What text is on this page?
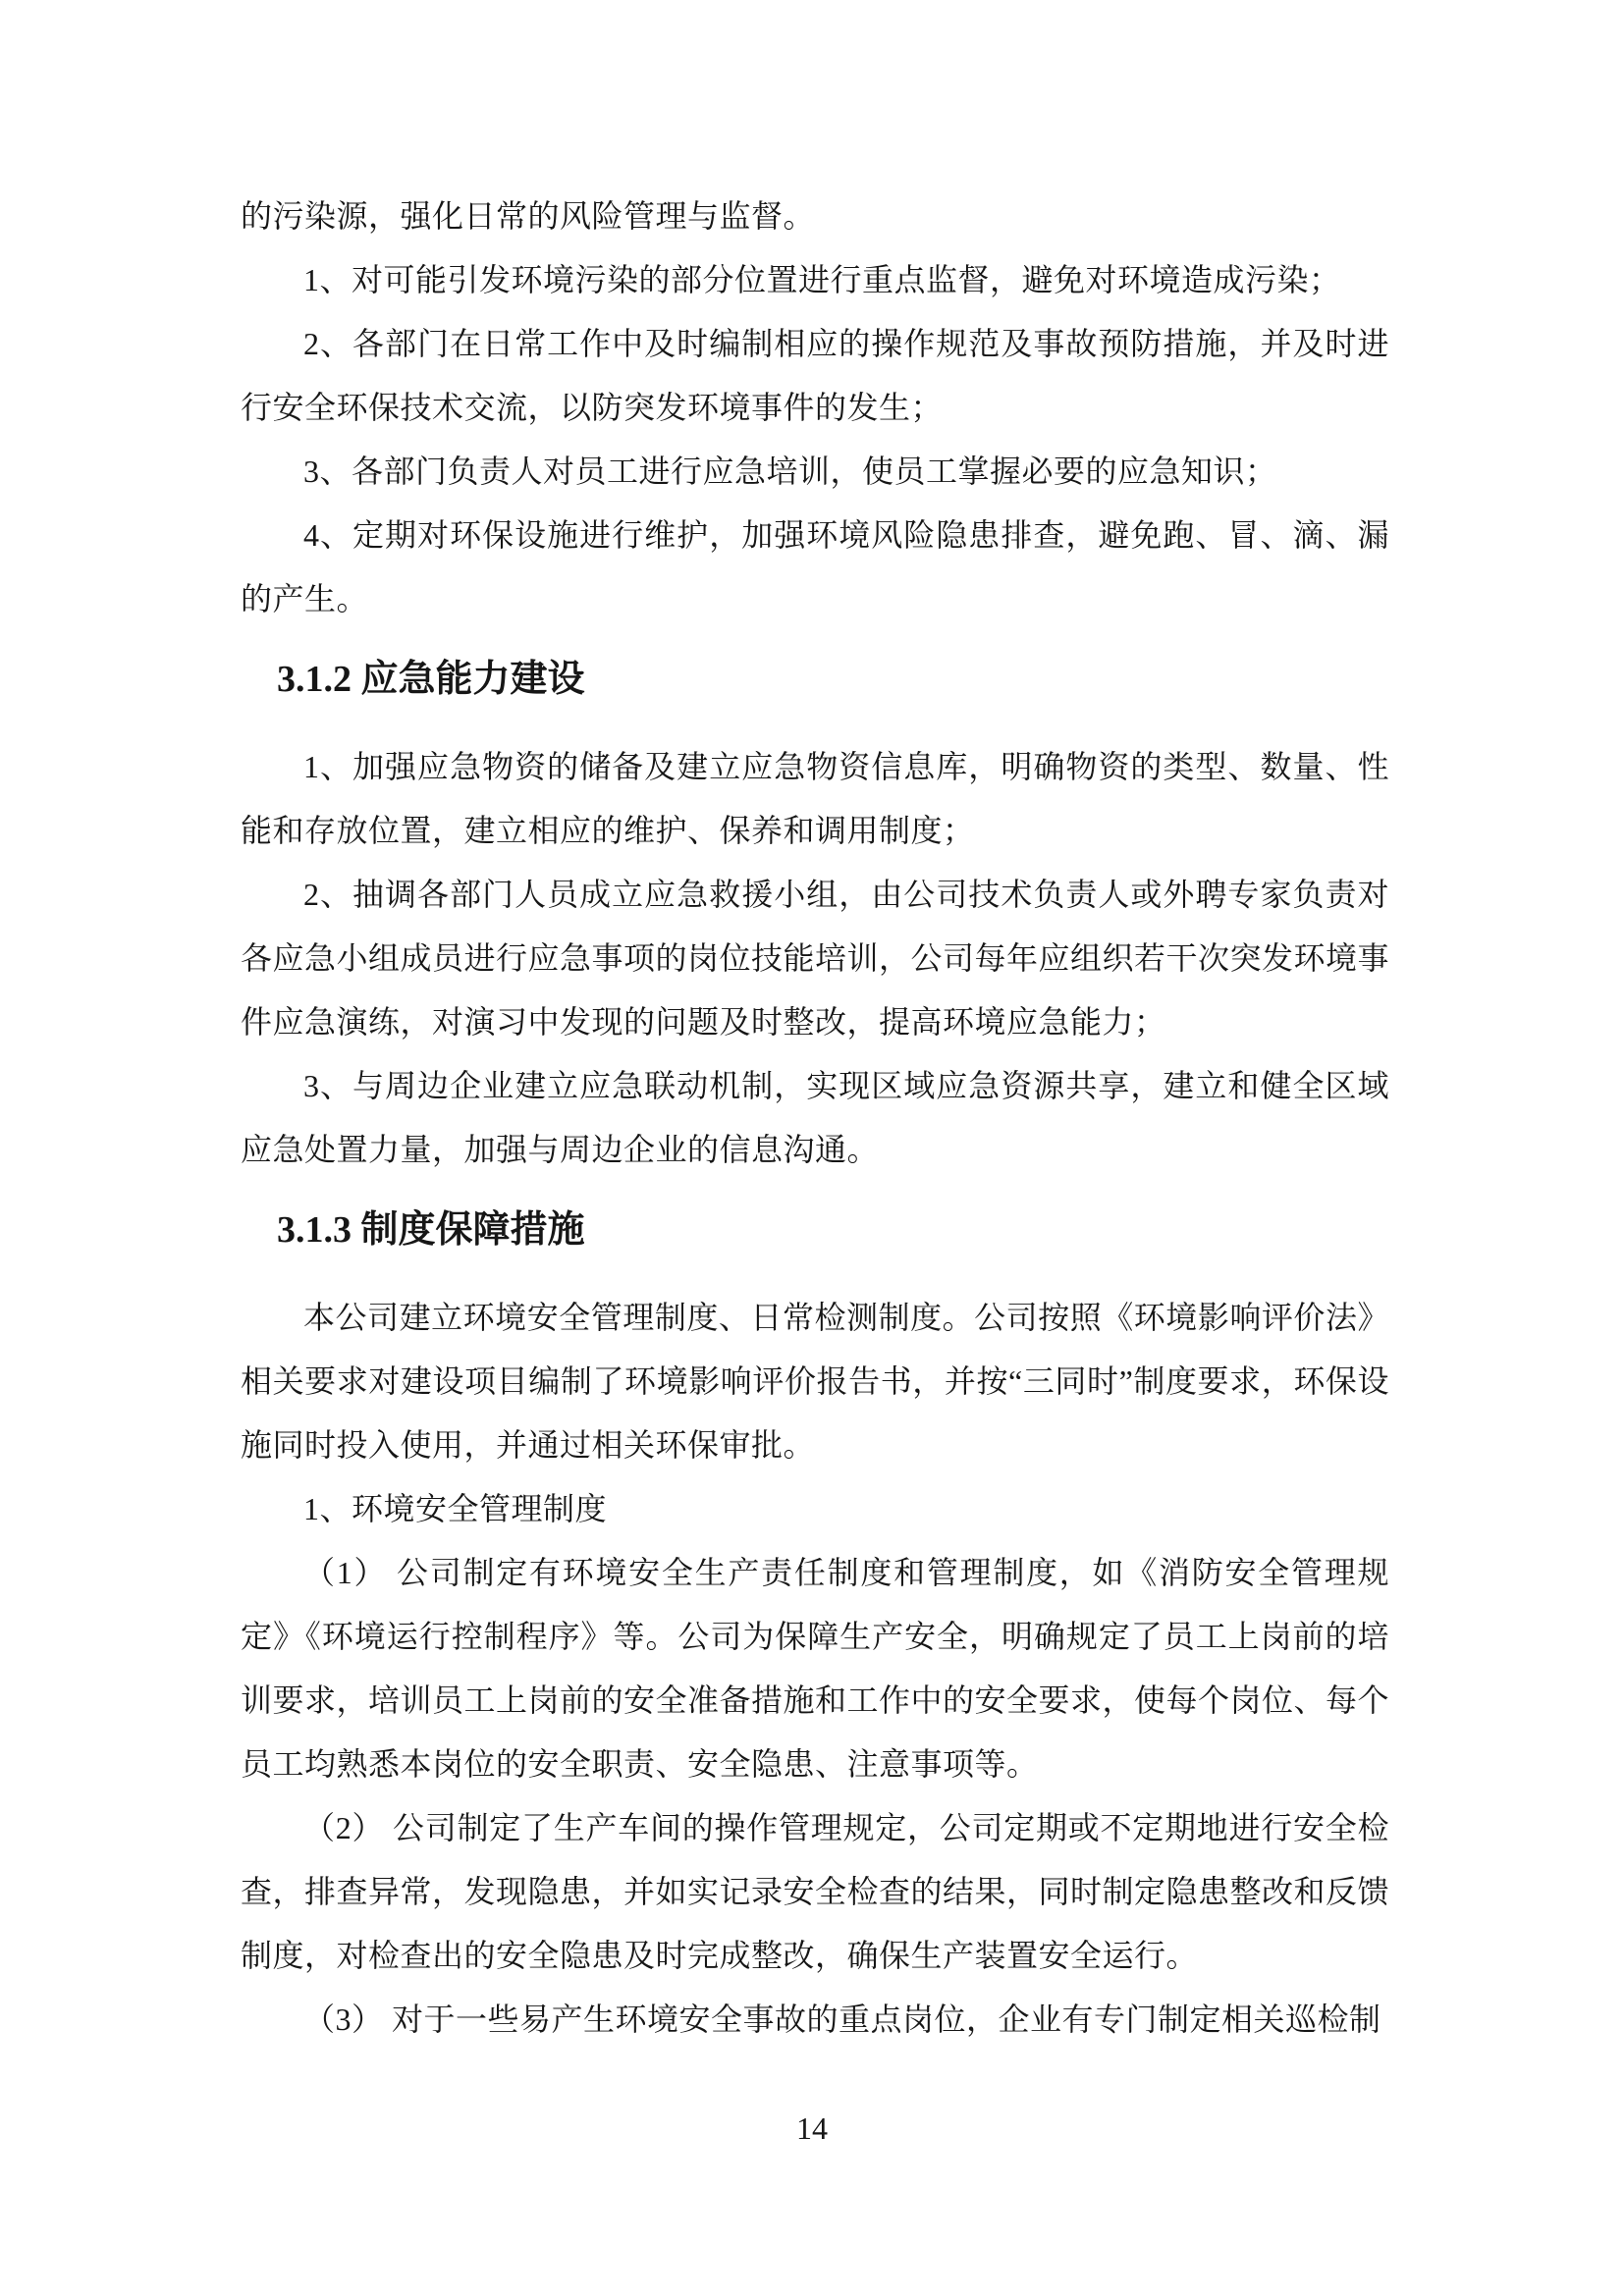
的污染源，强化日常的风险管理与监督。

1、对可能引发环境污染的部分位置进行重点监督，避免对环境造成污染；

2、各部门在日常工作中及时编制相应的操作规范及事故预防措施，并及时进行安全环保技术交流，以防突发环境事件的发生；

3、各部门负责人对员工进行应急培训，使员工掌握必要的应急知识；

4、定期对环保设施进行维护，加强环境风险隐患排查，避免跑、冒、滴、漏的产生。

3.1.2 应急能力建设

1、加强应急物资的储备及建立应急物资信息库，明确物资的类型、数量、性能和存放位置，建立相应的维护、保养和调用制度；

2、抽调各部门人员成立应急救援小组，由公司技术负责人或外聘专家负责对各应急小组成员进行应急事项的岗位技能培训，公司每年应组织若干次突发环境事件应急演练，对演习中发现的问题及时整改，提高环境应急能力；

3、与周边企业建立应急联动机制，实现区域应急资源共享，建立和健全区域应急处置力量，加强与周边企业的信息沟通。

3.1.3 制度保障措施

本公司建立环境安全管理制度、日常检测制度。公司按照《环境影响评价法》相关要求对建设项目编制了环境影响评价报告书，并按“三同时”制度要求，环保设施同时投入使用，并通过相关环保审批。

1、环境安全管理制度

（1） 公司制定有环境安全生产责任制度和管理制度，如《消防安全管理规定》《环境运行控制程序》等。公司为保障生产安全，明确规定了员工上岗前的培训要求，培训员工上岗前的安全准备措施和工作中的安全要求，使每个岗位、每个员工均熟悉本岗位的安全职责、安全隐患、注意事项等。

（2） 公司制定了生产车间的操作管理规定，公司定期或不定期地进行安全检查，排查异常，发现隐患，并如实记录安全检查的结果，同时制定隐患整改和反馈制度，对检查出的安全隐患及时完成整改，确保生产装置安全运行。

（3） 对于一些易产生环境安全事故的重点岗位，企业有专门制定相关巡检制

14
